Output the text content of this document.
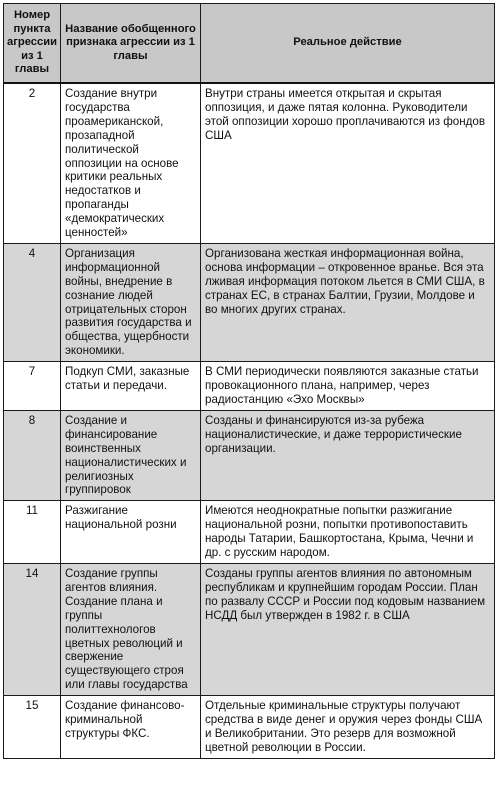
Номер пункта агрессии из 1 главы	Название обобщенного признака агрессии из 1 главы	Реальное действие
2	Создание внутри государства проамериканской, прозападной политической оппозиции на основе критики реальных недостатков и пропаганды «демократических ценностей»	Внутри страны имеется открытая и скрытая оппозиция, и даже пятая колонна. Руководители этой оппозиции хорошо проплачиваются из фондов США
4	Организация информационной войны, внедрение в сознание людей отрицательных сторон развития государства и общества, ущербности экономики.	Организована жесткая информационная война, основа информации – откровенное вранье. Вся эта лживая информация потоком льется в СМИ США, в странах ЕС, в странах Балтии, Грузии, Молдове и во многих других странах.
7	Подкуп СМИ, заказные статьи и передачи.	В СМИ периодически появляются заказные статьи провокационного плана, например, через радиостанцию «Эхо Москвы»
8	Создание и финансирование воинственных националистических и религиозных группировок	Созданы и финансируются из-за рубежа националистические, и даже террористические организации.
11	Разжигание национальной розни	Имеются неоднократные попытки разжигание национальной розни, попытки противопоставить народы Татарии, Башкортостана, Крыма, Чечни и др. с русским народом.
14	Создание группы агентов влияния. Создание плана и группы политтехнологов цветных революций и свержение существующего строя или главы государства	Созданы группы агентов влияния по автономным республикам и крупнейшим городам России. План по развалу СССР и России под кодовым названием НСДД был утвержден в 1982 г. в США
15	Создание финансово-криминальной структуры ФКС.	Отдельные криминальные структуры получают средства в виде денег и оружия через фонды США и Великобритании. Это резерв для возможной цветной революции в России.
